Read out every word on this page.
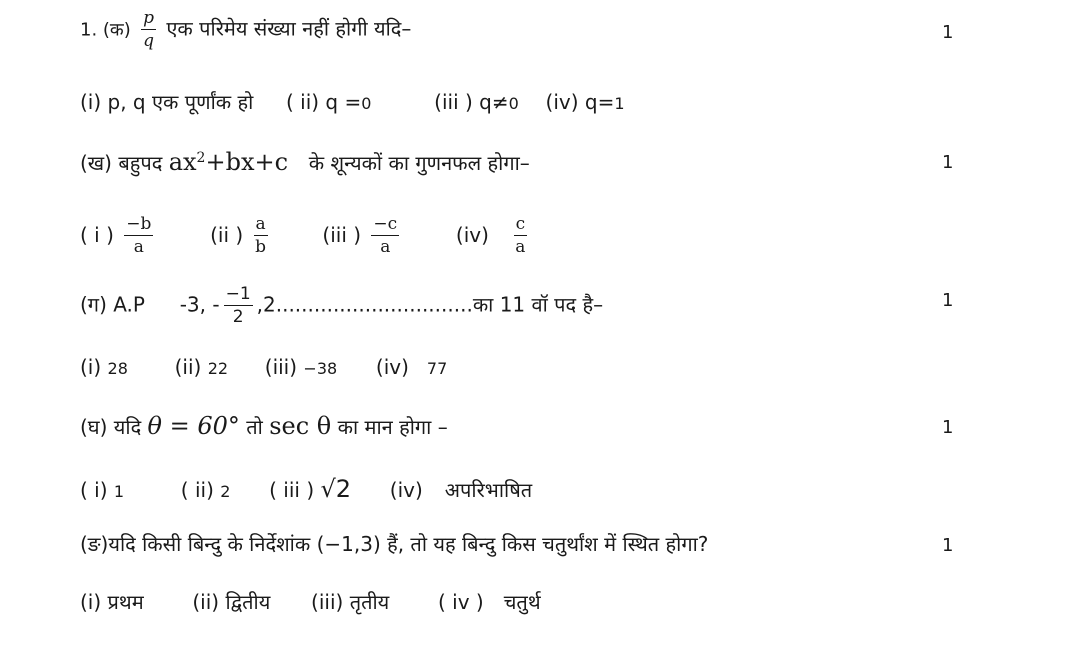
1. (क) $\frac{p}{q}$ एक परिमेय संख्या नहीं होगी यदि–	1
(i) p, q एक पूर्णांक हो ( ii) q =0	(iii ) q≠0 (iv) q=1
(ख) बहुपद $ax^2+bx+c$ के शून्यकों का गुणनफल होगा–	1
( i ) $\frac{-b}{a}$	(ii ) $\frac{a}{b}$	(iii ) $\frac{-c}{a}$	$(iv) \frac{c}{a}$
(ग) A.P -3, - $\frac{-1}{2}$ ,2...............................का 11 वॉ पद है–	1
(i) 28 (ii) 22 (iii) −38 (iv) 77
(घ) यदि θ = 60° तो sec θ का मान होगा –	1
( i) 1	( ii) 2 ( iii ) √2 (iv) अपरिभाषित
(ङ)यदि किसी बिन्दु के निर्देशांक (−1,3) हैं, तो यह बिन्दु किस चतुर्थांश में स्थित होगा?	1
(i) प्रथम (ii) द्वितीय (iii) तृतीय ( iv ) चतुर्थ
